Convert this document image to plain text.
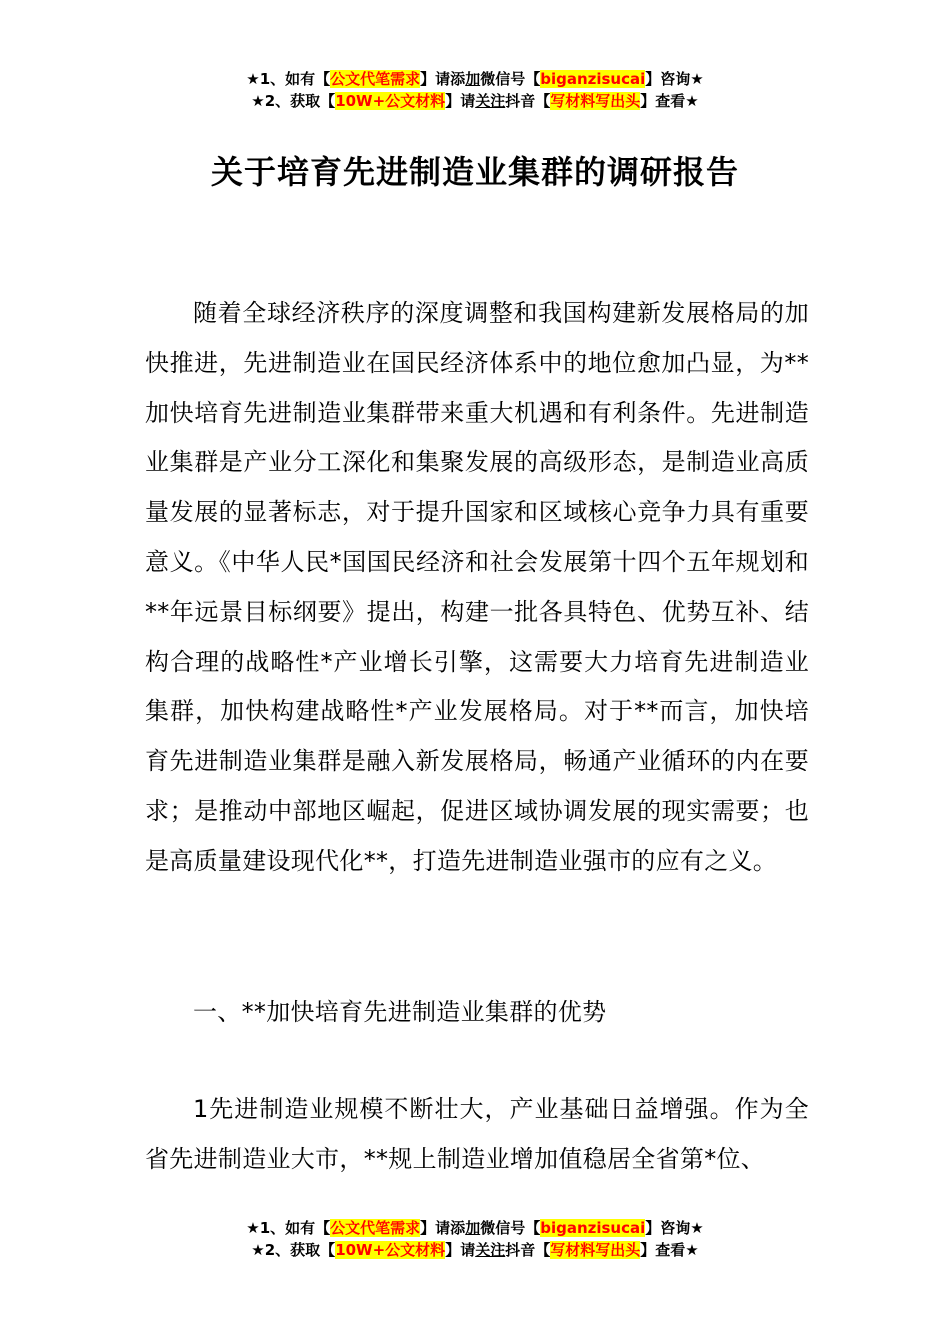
★1、如有【公文代笔需求】请添加微信号【biganzisucai】咨询★
★2、获取【10W+公文材料】请关注抖音【写材料写出头】查看★
关于培育先进制造业集群的调研报告

随着全球经济秩序的深度调整和我国构建新发展格局的加快推进，先进制造业在国民经济体系中的地位愈加凸显，为**加快培育先进制造业集群带来重大机遇和有利条件。先进制造业集群是产业分工深化和集聚发展的高级形态，是制造业高质量发展的显著标志，对于提升国家和区域核心竞争力具有重要意义。《中华人民*国国民经济和社会发展第十四个五年规划和**年远景目标纲要》提出，构建一批各具特色、优势互补、结构合理的战略性*产业增长引擎，这需要大力培育先进制造业集群，加快构建战略性*产业发展格局。对于**而言，加快培育先进制造业集群是融入新发展格局，畅通产业循环的内在要求；是推动中部地区崛起，促进区域协调发展的现实需要；也是高质量建设现代化**，打造先进制造业强市的应有之义。

一、**加快培育先进制造业集群的优势

1先进制造业规模不断壮大，产业基础日益增强。作为全省先进制造业大市，**规上制造业增加值稳居全省第*位、

★1、如有【公文代笔需求】请添加微信号【biganzisucai】咨询★
★2、获取【10W+公文材料】请关注抖音【写材料写出头】查看★
